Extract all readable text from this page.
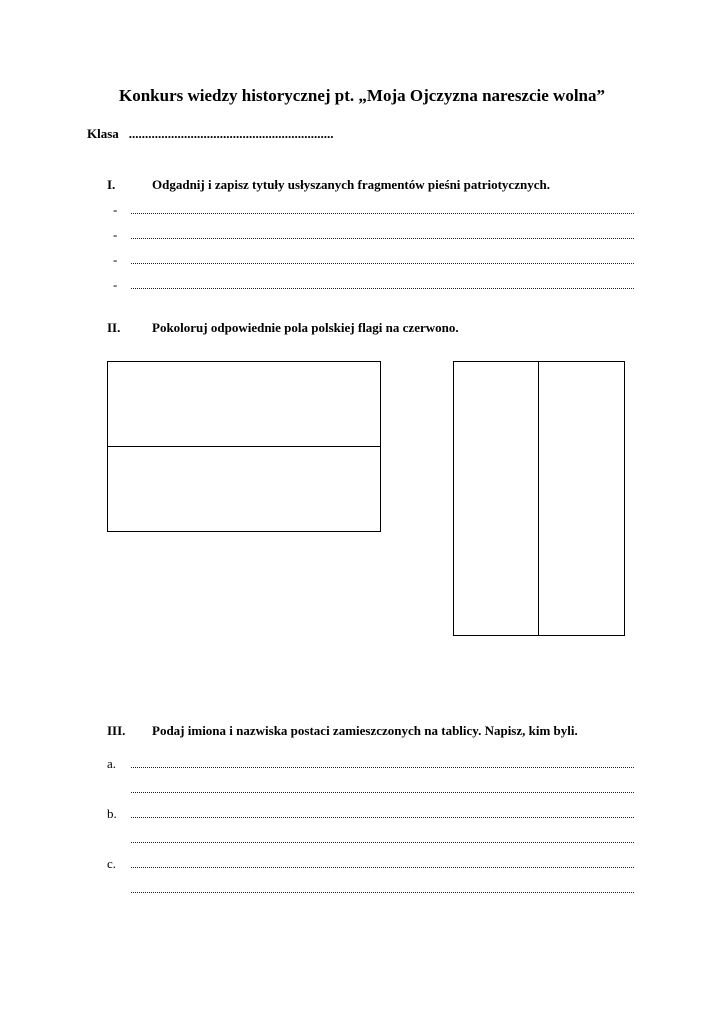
Konkurs wiedzy historycznej pt. „Moja Ojczyzna nareszcie wolna”
Klasa ...............................................................
I.	Odgadnij i zapisz tytuły usłyszanych fragmentów pieśni patriotycznych.
-
-
-
-
II. Pokoloruj odpowiednie pola polskiej flagi na czerwono.
III. Podaj imiona i nazwiska postaci zamieszczonych na tablicy. Napisz, kim byli.
a.
b.
c.
